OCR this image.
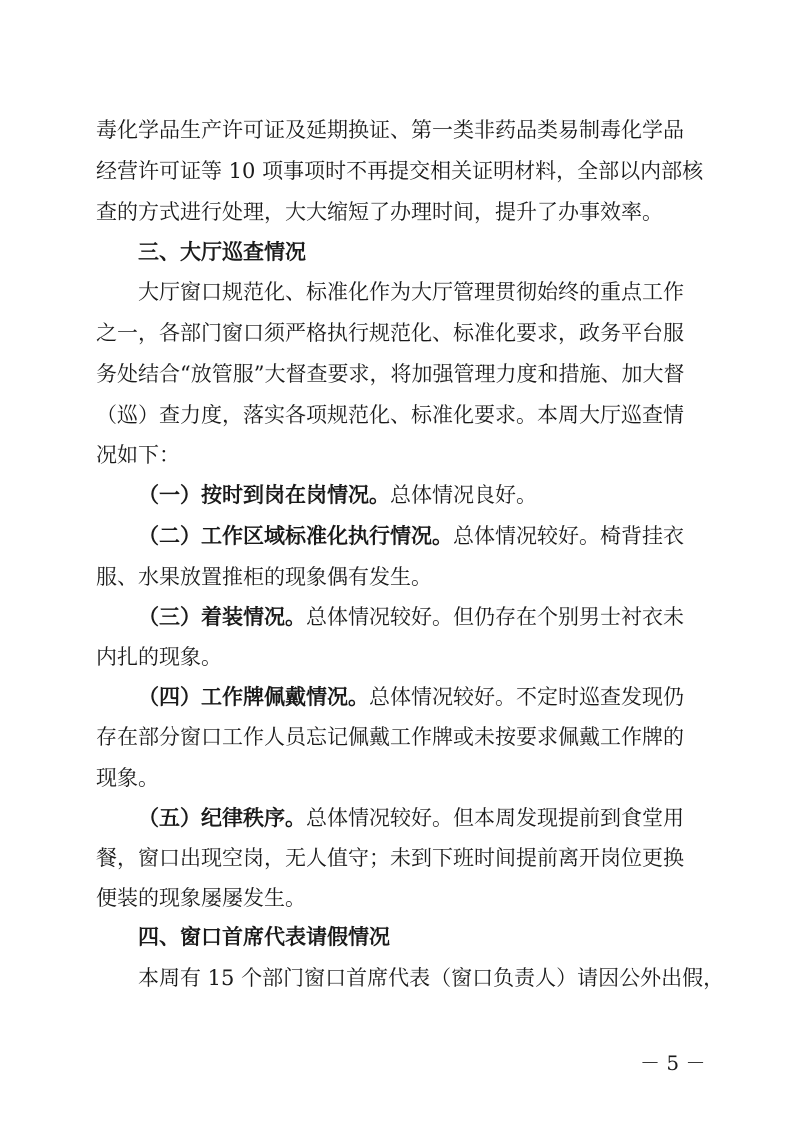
毒化学品生产许可证及延期换证、第一类非药品类易制毒化学品
经营许可证等 10 项事项时不再提交相关证明材料，全部以内部核
查的方式进行处理，大大缩短了办理时间，提升了办事效率。
三、大厅巡查情况
大厅窗口规范化、标准化作为大厅管理贯彻始终的重点工作
之一，各部门窗口须严格执行规范化、标准化要求，政务平台服
务处结合“放管服”大督查要求，将加强管理力度和措施、加大督
（巡）查力度，落实各项规范化、标准化要求。本周大厅巡查情
况如下：
（一）按时到岗在岗情况。总体情况良好。
（二）工作区域标准化执行情况。总体情况较好。椅背挂衣
服、水果放置推柜的现象偶有发生。
（三）着装情况。总体情况较好。但仍存在个别男士衬衣未
内扎的现象。
（四）工作牌佩戴情况。总体情况较好。不定时巡查发现仍
存在部分窗口工作人员忘记佩戴工作牌或未按要求佩戴工作牌的
现象。
（五）纪律秩序。总体情况较好。但本周发现提前到食堂用
餐，窗口出现空岗，无人值守；未到下班时间提前离开岗位更换
便装的现象屡屡发生。
四、窗口首席代表请假情况
本周有 15 个部门窗口首席代表（窗口负责人）请因公外出假，
－ 5 －
